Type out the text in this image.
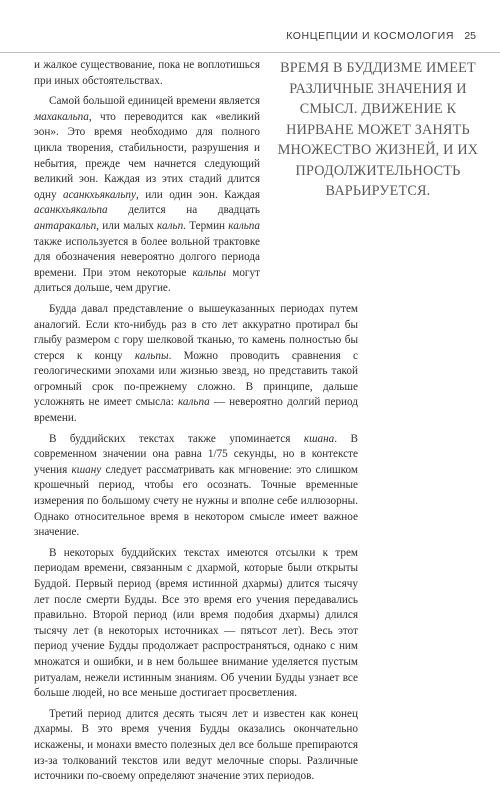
КОНЦЕПЦИИ И КОСМОЛОГИЯ 25
ВРЕМЯ В БУДДИЗМЕ ИМЕЕТ РАЗЛИЧНЫЕ ЗНАЧЕНИЯ И СМЫСЛ. ДВИЖЕНИЕ К НИРВАНЕ МОЖЕТ ЗАНЯТЬ МНОЖЕСТВО ЖИЗНЕЙ, И ИХ ПРОДОЛЖИТЕЛЬНОСТЬ ВАРЬИРУЕТСЯ.

и жалкое существование, пока не воплотишься при иных обстоятельствах.

Самой большой единицей времени является махакальпа, что переводится как «великий эон». Это время необходимо для полного цикла творения, стабильности, разрушения и небытия, прежде чем начнется следующий великий эон. Каждая из этих стадий длится одну асанкхьякальпу, или один эон. Каждая асанкхьякальпа делится на двадцать антаракальп, или малых кальп. Термин кальпа также используется в более вольной трактовке для обозначения невероятно долгого периода времени. При этом некоторые кальпы могут длиться дольше, чем другие.

Будда давал представление о вышеуказанных периодах путем аналогий. Если кто-нибудь раз в сто лет аккуратно протирал бы глыбу размером с гору шелковой тканью, то камень полностью бы стерся к концу кальпы. Можно проводить сравнения с геологическими эпохами или жизнью звезд, но представить такой огромный срок по-прежнему сложно. В принципе, дальше усложнять не имеет смысла: кальпа — невероятно долгий период времени.

В буддийских текстах также упоминается кшана. В современном значении она равна 1/75 секунды, но в контексте учения кшану следует рассматривать как мгновение: это слишком крошечный период, чтобы его осознать. Точные временные измерения по большому счету не нужны и вполне себе иллюзорны. Однако относительное время в некотором смысле имеет важное значение.

В некоторых буддийских текстах имеются отсылки к трем периодам времени, связанным с дхармой, которые были открыты Буддой. Первый период (время истинной дхармы) длится тысячу лет после смерти Будды. Все это время его учения передавались правильно. Второй период (или время подобия дхармы) длился тысячу лет (в некоторых источниках — пятьсот лет). Весь этот период учение Будды продолжает распространяться, однако с ним множатся и ошибки, и в нем большее внимание уделяется пустым ритуалам, нежели истинным знаниям. Об учении Будды узнает все больше людей, но все меньше достигает просветления.

Третий период длится десять тысяч лет и известен как конец дхармы. В это время учения Будды оказались окончательно искажены, и монахи вместо полезных дел все больше препираются из-за толкований текстов или ведут мелочные споры. Различные источники по-своему определяют значение этих периодов.
